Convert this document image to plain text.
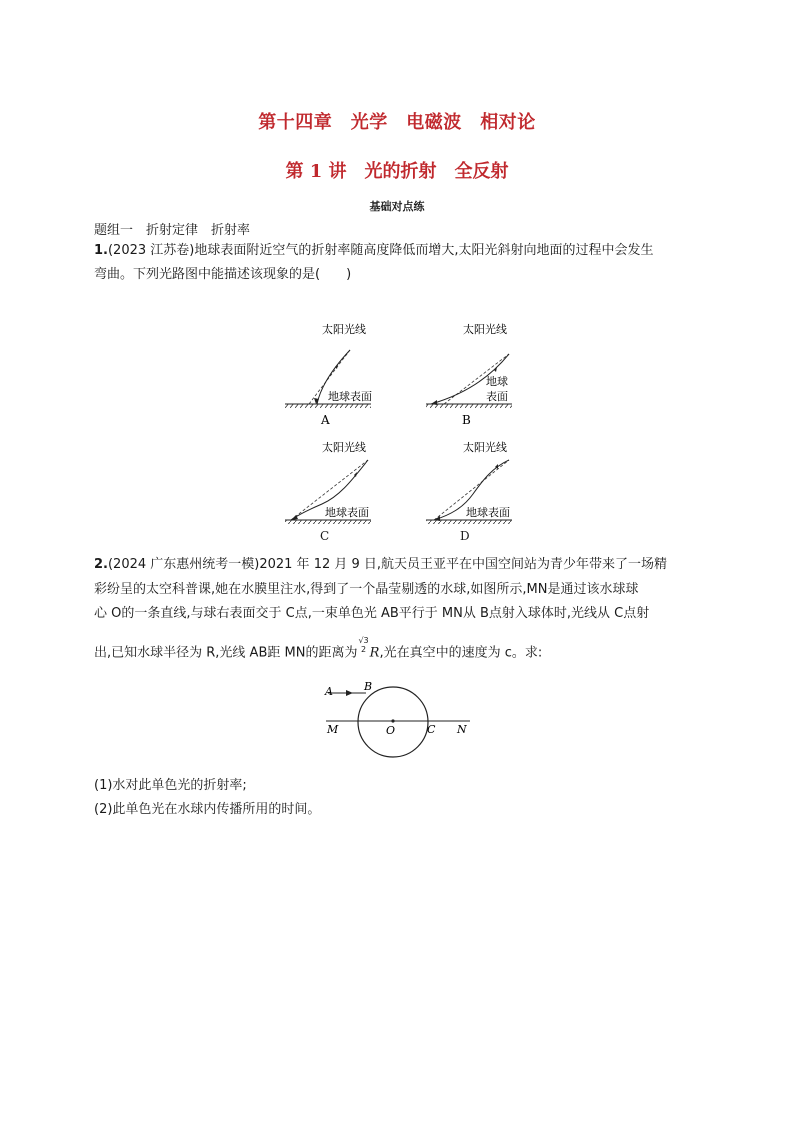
第十四章　光学　电磁波　相对论
第 1 讲　光的折射　全反射
基础对点练
题组一　折射定律　折射率
1.(2023 江苏卷)地球表面附近空气的折射率随高度降低而增大,太阳光斜射向地面的过程中会发生
弯曲。下列光路图中能描述该现象的是(　　)
太阳光线
地球表面
A
太阳光线
地球
表面
B
太阳光线
地球表面
太阳光线
地球表面
C	D
2.(2024 广东惠州统考一模)2021 年 12 月 9 日,航天员王亚平在中国空间站为青少年带来了一场精
彩纷呈的太空科普课,她在水膜里注水,得到了一个晶莹剔透的水球,如图所示,MN是通过该水球球
心 O的一条直线,与球右表面交于 C点,一束单色光 AB平行于 MN从 B点射入球体时,光线从 C点射
出,已知水球半径为 R,光线 AB距 MN的距离为
√3
2 R,光在真空中的速度为 c。求:
A	B
M	O	C N
(1)水对此单色光的折射率;
(2)此单色光在水球内传播所用的时间。
